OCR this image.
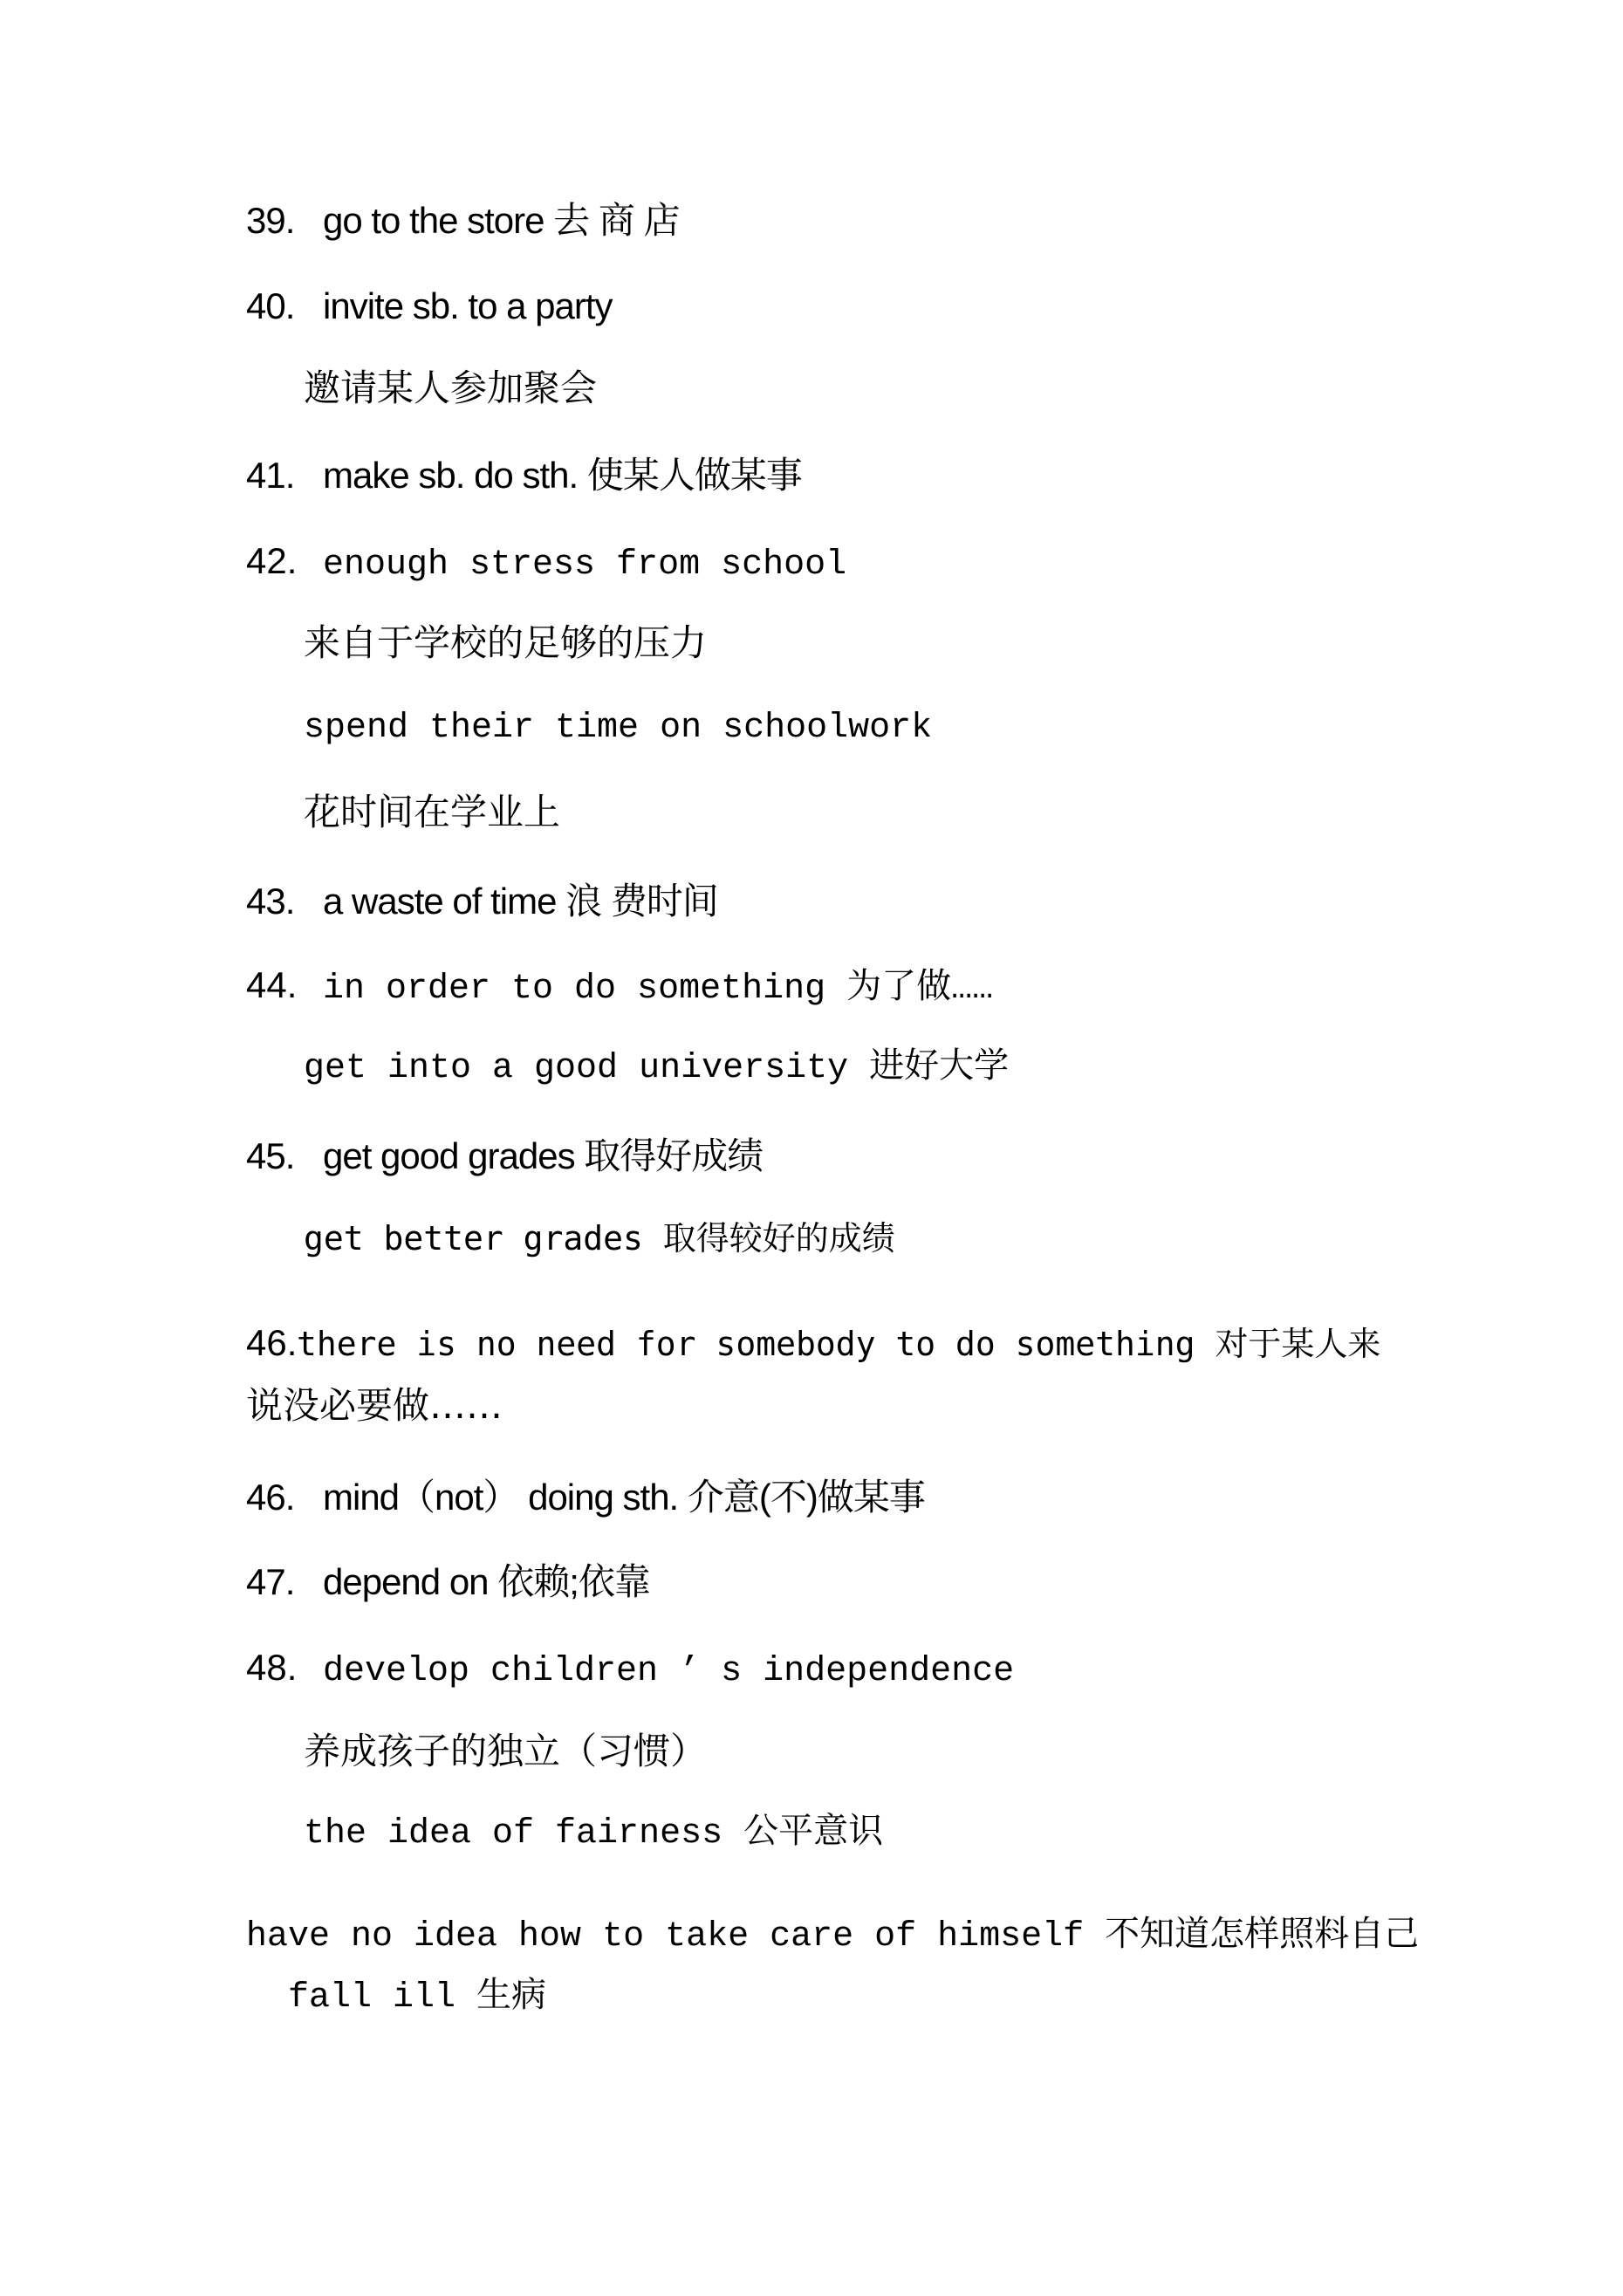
39. go to the store 去 商 店
40. invite sb. to a party
邀请某人参加聚会
41. make sb. do sth. 使某人做某事
42. enough stress from school
来自于学校的足够的压力
spend their time on schoolwork
花时间在学业上
43. a waste of time 浪 费时间
44. in order to do something 为了做……
get into a good university 进好大学
45. get good grades 取得好成绩
get better grades 取得较好的成绩
46.there is no need for somebody to do something 对于某人来
说没必要做……
46. mind（not） doing sth. 介意(不)做某事
47. depend on 依赖;依靠
48. develop children ’ s independence
养成孩子的独立（习惯）
the idea of fairness 公平意识
have no idea how to take care of himself 不知道怎样照料自己
fall ill 生病
